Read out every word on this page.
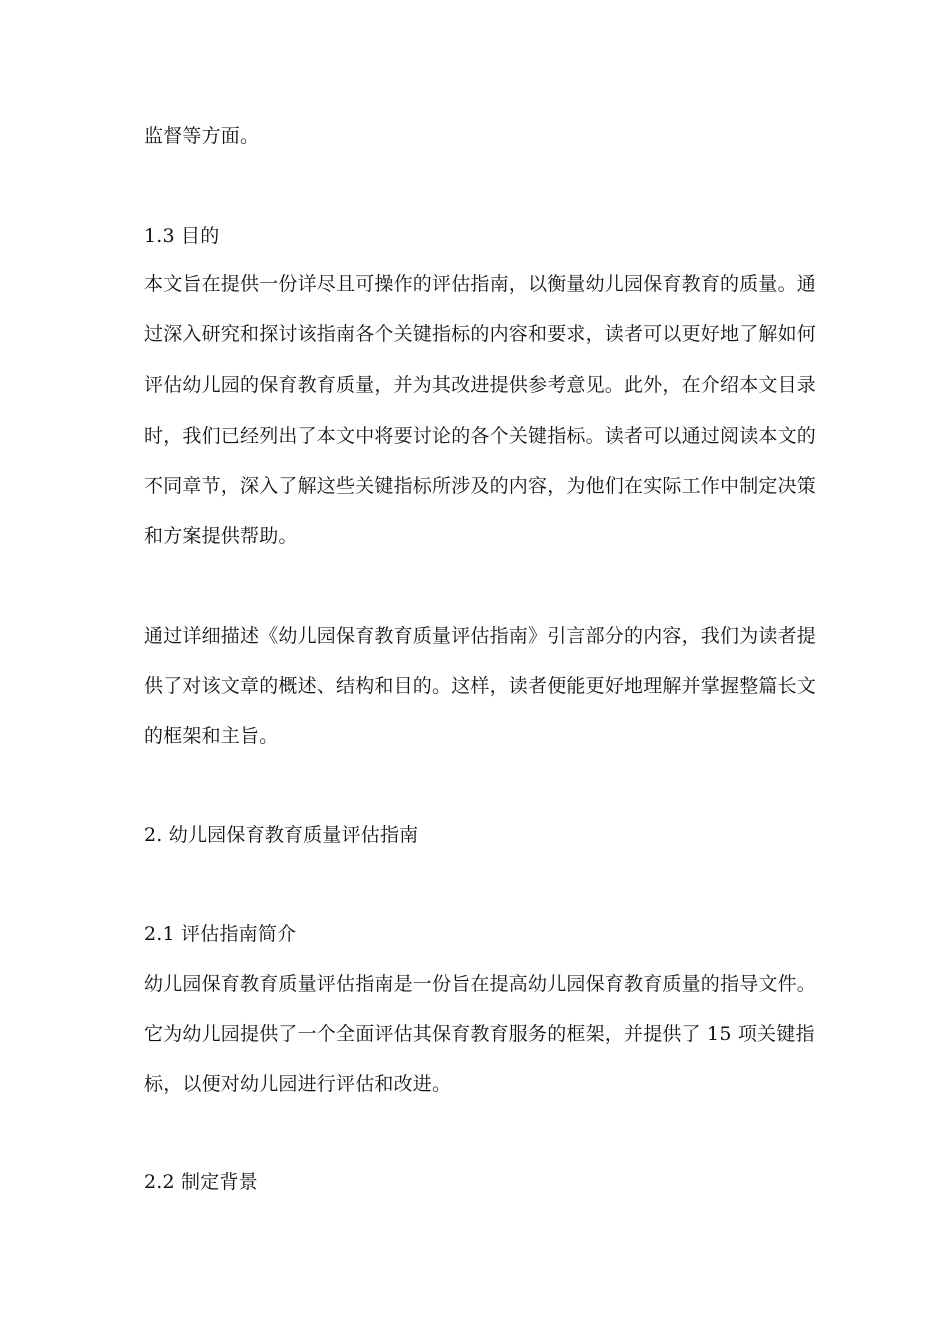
监督等方面。
1.3 目的
本文旨在提供一份详尽且可操作的评估指南，以衡量幼儿园保育教育的质量。通
过深入研究和探讨该指南各个关键指标的内容和要求，读者可以更好地了解如何
评估幼儿园的保育教育质量，并为其改进提供参考意见。此外，在介绍本文目录
时，我们已经列出了本文中将要讨论的各个关键指标。读者可以通过阅读本文的
不同章节，深入了解这些关键指标所涉及的内容，为他们在实际工作中制定决策
和方案提供帮助。
通过详细描述《幼儿园保育教育质量评估指南》引言部分的内容，我们为读者提
供了对该文章的概述、结构和目的。这样，读者便能更好地理解并掌握整篇长文
的框架和主旨。
2. 幼儿园保育教育质量评估指南
2.1 评估指南简介
幼儿园保育教育质量评估指南是一份旨在提高幼儿园保育教育质量的指导文件。
它为幼儿园提供了一个全面评估其保育教育服务的框架，并提供了 15 项关键指
标，以便对幼儿园进行评估和改进。
2.2 制定背景
